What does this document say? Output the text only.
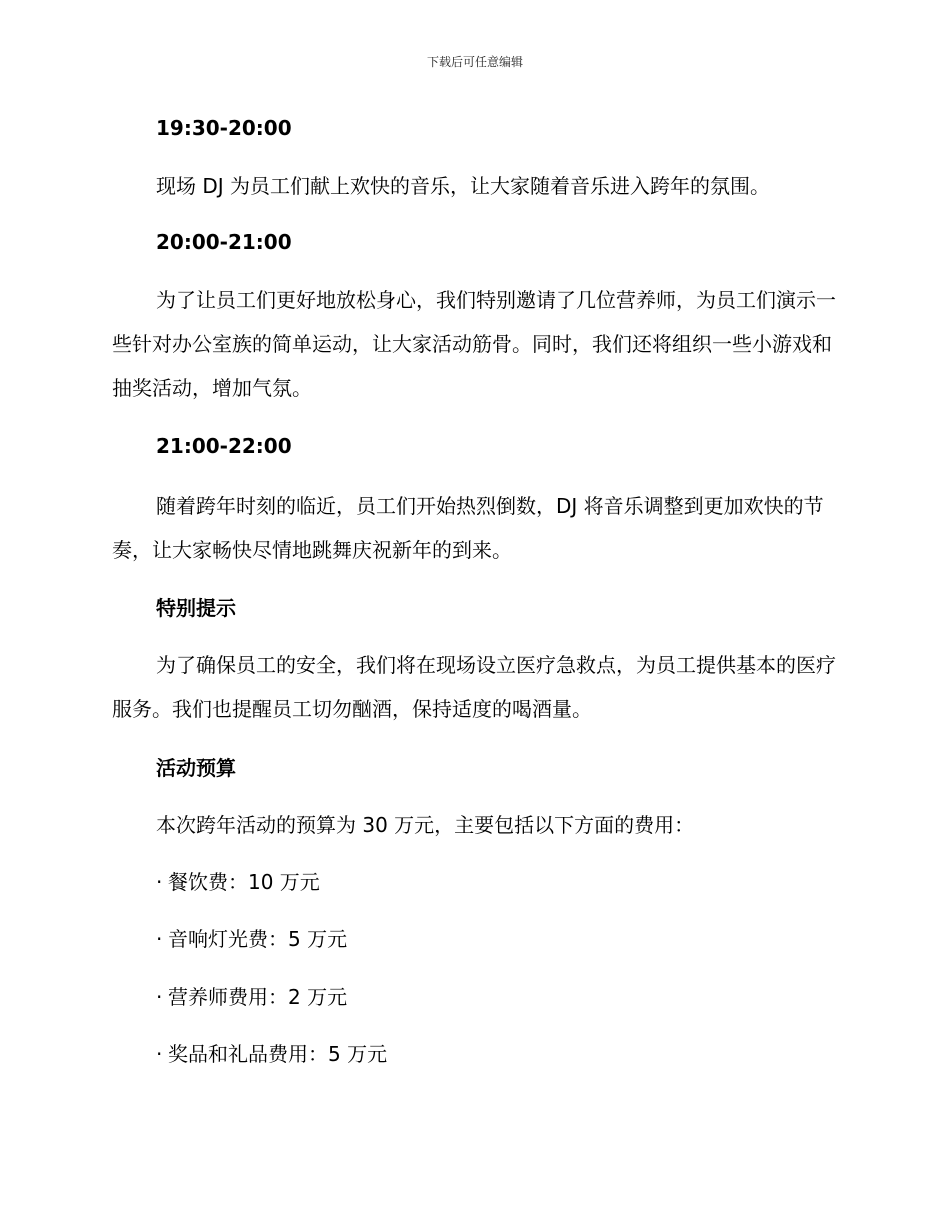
下载后可任意编辑

19:30-20:00

现场 DJ 为员工们献上欢快的音乐，让大家随着音乐进入跨年的氛围。

20:00-21:00

为了让员工们更好地放松身心，我们特别邀请了几位营养师，为员工们演示一些针对办公室族的简单运动，让大家活动筋骨。同时，我们还将组织一些小游戏和抽奖活动，增加气氛。

21:00-22:00

随着跨年时刻的临近，员工们开始热烈倒数，DJ 将音乐调整到更加欢快的节奏，让大家畅快尽情地跳舞庆祝新年的到来。

特别提示

为了确保员工的安全，我们将在现场设立医疗急救点，为员工提供基本的医疗服务。我们也提醒员工切勿酗酒，保持适度的喝酒量。

活动预算

本次跨年活动的预算为 30 万元，主要包括以下方面的费用：

· 餐饮费：10 万元

· 音响灯光费：5 万元

· 营养师费用：2 万元

· 奖品和礼品费用：5 万元
